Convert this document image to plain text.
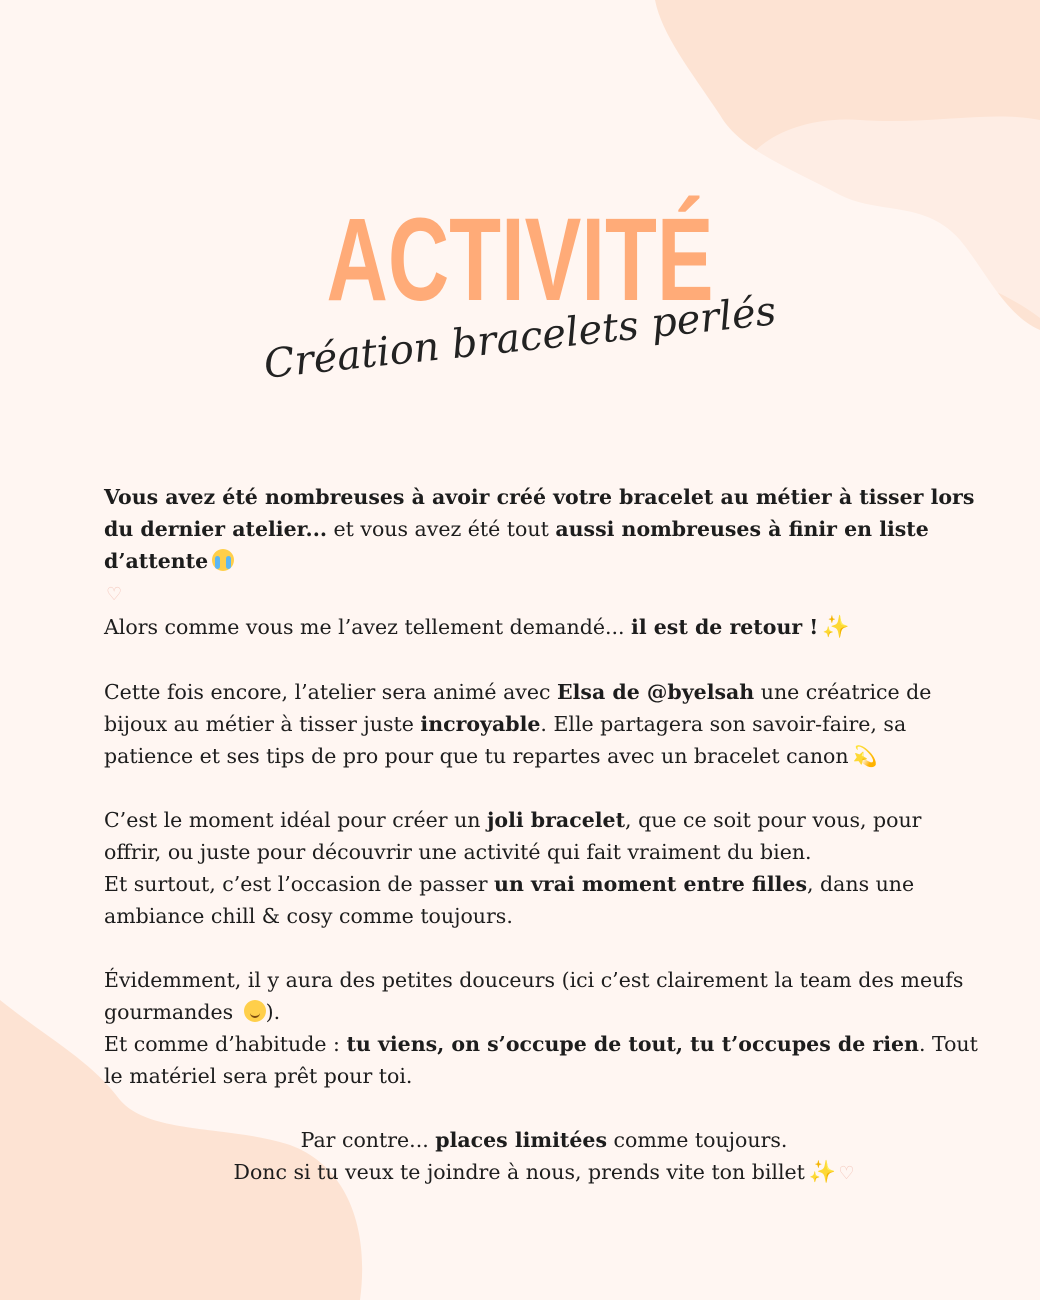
ACTIVITÉ
Création bracelets perlés

Vous avez été nombreuses à avoir créé votre bracelet au métier à tisser lors du dernier atelier... et vous avez été tout aussi nombreuses à finir en liste d’attente
♡

Alors comme vous me l’avez tellement demandé... il est de retour ! ✨

Cette fois encore, l’atelier sera animé avec Elsa de @byelsah une créatrice de bijoux au métier à tisser juste incroyable. Elle partagera son savoir-faire, sa patience et ses tips de pro pour que tu repartes avec un bracelet canon 💫

C’est le moment idéal pour créer un joli bracelet, que ce soit pour vous, pour offrir, ou juste pour découvrir une activité qui fait vraiment du bien.

Et surtout, c’est l’occasion de passer un vrai moment entre filles, dans une ambiance chill & cosy comme toujours.

Évidemment, il y aura des petites douceurs (ici c’est clairement la team des meufs gourmandes ).

Et comme d’habitude : tu viens, on s’occupe de tout, tu t’occupes de rien. Tout le matériel sera prêt pour toi.

Par contre... places limitées comme toujours.

Donc si tu veux te joindre à nous, prends vite ton billet ✨ ♡
